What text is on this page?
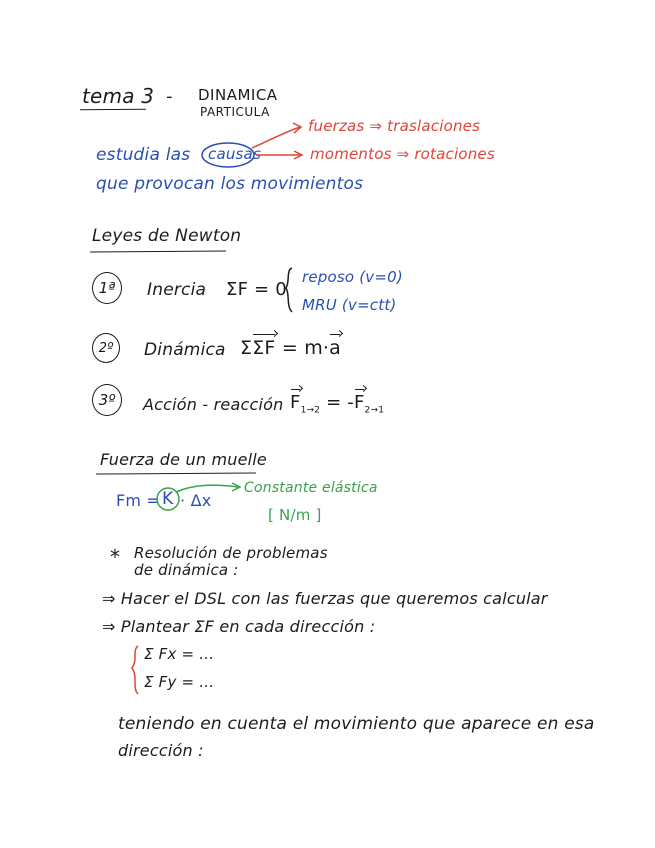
tema 3 - DINAMICA
PARTICULA
estudia las causas
fuerzas ⇒ traslaciones
momentos ⇒ rotaciones
que provocan los movimientos
Leyes de Newton
1ª	Inercia ΣF = 0
reposo (v=0)
MRU (v=ctt)
2º	Dinámica ΣΣF = m·a
3º	Acción - reacción $F_{1\to 2} = -F_{2\to 1}$
Fuerza de un muelle
Fm = K · Δx
Constante elástica
[ N/m ]
* Resolución de problemas
de dinámica :
⇒ Hacer el DSL con las fuerzas que queremos calcular
⇒ Plantear ΣF en cada dirección :
Σ Fx = ...
Σ Fy = ...
teniendo en cuenta el movimiento que aparece en esa
dirección :
